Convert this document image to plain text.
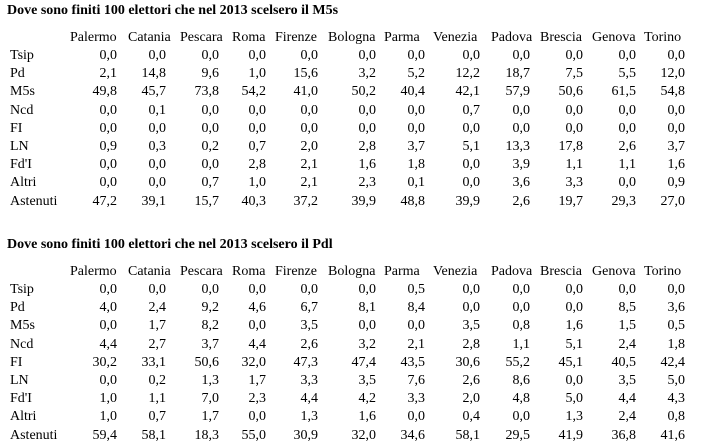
Dove sono finiti 100 elettori che nel 2013 scelsero il M5s
Palermo Catania Pescara Roma Firenze Bologna Parma Venezia Padova Brescia Genova Torino
Tsip	0,0 0,0	0,0 0,0 0,0	0,0 0,0	0,0 0,0	0,0	0,0 0,0
Pd	2,1 14,8	9,6 1,0 15,6	3,2 5,2 12,2 18,7	7,5	5,5 12,0
M5s	49,8 45,7 73,8 54,2 41,0 50,2 40,4 42,1 57,9 50,6 61,5 54,8
Ncd	0,0 0,1	0,0 0,0 0,0	0,0 0,0	0,7 0,0	0,0	0,0 0,0
FI	0,0 0,0	0,0 0,0 0,0	0,0 0,0	0,0 0,0	0,0	0,0 0,0
LN	0,9 0,3	0,2 0,7 2,0	2,8 3,7	5,1 13,3 17,8	2,6 3,7
Fd'I	0,0 0,0	0,0 2,8 2,1	1,6 1,8	0,0 3,9	1,1	1,1 1,6
Altri	0,0 0,0	0,7 1,0 2,1	2,3 0,1	0,0 3,6	3,3	0,0 0,9
Astenuti	47,2 39,1 15,7 40,3 37,2 39,9 48,8 39,9 2,6 19,7 29,3 27,0
Dove sono finiti 100 elettori che nel 2013 scelsero il Pdl
Palermo Catania Pescara Roma Firenze Bologna Parma Venezia Padova Brescia Genova Torino
Tsip	0,0 0,0	0,0 0,0 0,0	0,0 0,5	0,0 0,0	0,0	0,0 0,0
Pd	4,0 2,4	9,2 4,6 6,7	8,1 8,4	0,0 0,0	0,0	8,5 3,6
M5s	0,0 1,7	8,2 0,0 3,5	0,0 0,0	3,5 0,8	1,6	1,5 0,5
Ncd	4,4 2,7	3,7 4,4 2,6	3,2 2,1	2,8 1,1	5,1	2,4 1,8
FI	30,2 33,1 50,6 32,0 47,3 47,4 43,5 30,6 55,2 45,1 40,5 42,4
LN	0,0 0,2	1,3 1,7 3,3	3,5 7,6	2,6 8,6	0,0	3,5 5,0
Fd'I	1,0 1,1	7,0 2,3 4,4	4,2 3,3	2,0 4,8	5,0	4,4 4,3
Altri	1,0 0,7	1,7 0,0 1,3	1,6 0,0	0,4 0,0	1,3	2,4 0,8
Astenuti	59,4 58,1 18,3 55,0 30,9 32,0 34,6 58,1 29,5 41,9 36,8 41,6
